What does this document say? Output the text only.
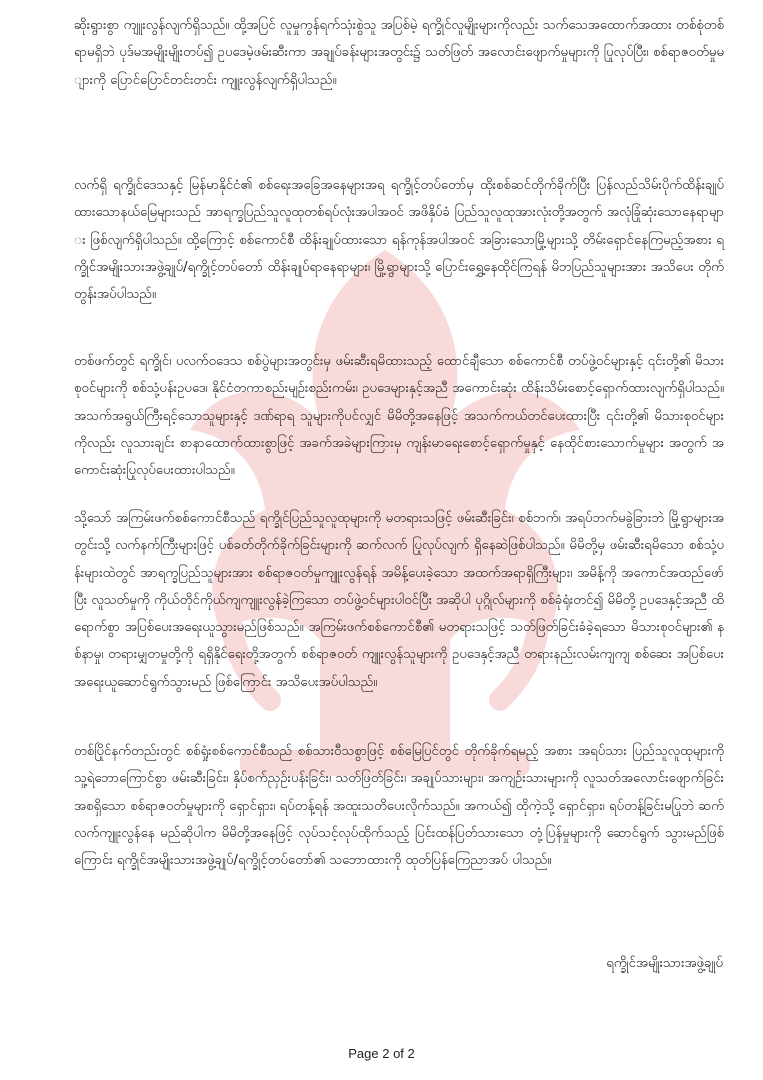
ဆိုးရွားစွာ ကျူးလွန်လျက်ရှိသည်။ ထို့အပြင် လူမှုကွန်ရက်သုံးစွဲသူ အပြစ်မဲ့ ရက္ခိုင်လူမျိုးများကိုလည်း သက်သေအထောက်အထား တစ်စုံတစ်ရာမရှိဘဲ ပုဒ်မအမျိုးမျိုးတပ်၍ ဥပဒေမဲ့ဖမ်းဆီးကာ အချုပ်ခန်းများအတွင်း၌ သတ်ဖြတ် အလောင်းဖျောက်မှုများကို ပြုလုပ်ပြီး၊ စစ်ရာဇဝတ်မှုများကို ပြောင်ပြောင်တင်းတင်း ကျူးလွန်လျက်ရှိပါသည်။

လက်ရှိ ရက္ခိုင်ဒေသနှင့် မြန်မာနိုင်ငံ၏ စစ်ရေးအခြေအနေများအရ ရက္ခိုင့်တပ်တော်မှ ထိုးစစ်ဆင်တိုက်ခိုက်ပြီး ပြန်လည်သိမ်းပိုက်ထိန်းချုပ်ထားသောနယ်မြေများသည် အာရက္ခပြည်သူလူထုတစ်ရပ်လုံးအပါအဝင် အဖိနှိပ်ခံ ပြည်သူလူထုအားလုံးတို့အတွက် အလုံခြုံဆုံးသောနေရာများ ဖြစ်လျက်ရှိပါသည်။ ထို့ကြောင့် စစ်ကောင်စီ ထိန်းချုပ်ထားသော ရန်ကုန်အပါအဝင် အခြားသောမြို့များသို့ တိမ်းရှောင်နေကြမည့်အစား ရက္ခိုင်အမျိုးသားအဖွဲ့ချုပ်/ရက္ခိုင့်တပ်တော် ထိန်းချုပ်ရာနေရာများ၊ မြို့ရွာများသို့ ပြောင်းရွှေ့နေထိုင်ကြရန် မိဘပြည်သူများအား အသိပေး တိုက်တွန်းအပ်ပါသည်။

တစ်ဖက်တွင် ရက္ခိုင်၊ ပလက်ဝဒေသ စစ်ပွဲများအတွင်းမှ ဖမ်းဆီးရမိထားသည့် ထောင်ချီသော စစ်ကောင်စီ တပ်ဖွဲ့ဝင်များနှင့် ၎င်းတို့၏ မိသားစုဝင်များကို စစ်သုံ့ပန်းဥပဒေ၊ နိုင်ငံတကာစည်းမျဉ်းစည်းကမ်း၊ ဥပဒေများနှင့်အညီ အကောင်းဆုံး ထိန်းသိမ်းစောင့်ရှောက်ထားလျက်ရှိပါသည်။ အသက်အရွယ်ကြီးရင့်သောသူများနှင့် ဒဏ်ရာရ သူများကိုပင်လျှင် မိမိတို့အနေဖြင့် အသက်ကယ်တင်ပေးထားပြီး ၎င်းတို့၏ မိသားစုဝင်များကိုလည်း လူသားချင်း စာနာထောက်ထားစွာဖြင့် အခက်အခဲများကြားမှ ကျန်းမာရေးစောင့်ရှောက်မှုနှင့် နေထိုင်စားသောက်မှုများ အတွက် အကောင်းဆုံးပြုလုပ်ပေးထားပါသည်။

သို့သော် အကြမ်းဖက်စစ်ကောင်စီသည် ရက္ခိုင်ပြည်သူလူထုများကို မတရားသဖြင့် ဖမ်းဆီးခြင်း၊ စစ်ဘက်၊ အရပ်ဘက်မခွဲခြားဘဲ မြို့ရွာများအတွင်းသို့ လက်နက်ကြီးများဖြင့် ပစ်ခတ်တိုက်ခိုက်ခြင်းများကို ဆက်လက် ပြုလုပ်လျက် ရှိနေဆဲဖြစ်ပါသည်။ မိမိတို့မှ ဖမ်းဆီးရမိသော စစ်သုံ့ပန်းများထဲတွင် အာရက္ခပြည်သူများအား စစ်ရာဇဝတ်မှုကျူးလွန်ရန် အမိန့်ပေးခဲ့သော အထက်အရာရှိကြီးများ၊ အမိန့်ကို အကောင်အထည်ဖော်ပြီး လူသတ်မှုကို ကိုယ်တိုင်ကိုယ်ကျကျူးလွန်ခဲ့ကြသော တပ်ဖွဲ့ဝင်များပါဝင်ပြီး အဆိုပါ ပုဂ္ဂိုလ်များကို စစ်ခုံရုံးတင်၍ မိမိတို့ ဥပဒေနှင့်အညီ ထိရောက်စွာ အပြစ်ပေးအရေးယူသွားမည်ဖြစ်သည်။ အကြမ်းဖက်စစ်ကောင်စီ၏ မတရားသဖြင့် သတ်ဖြတ်ခြင်းခံခဲ့ရသော မိသားစုဝင်များ၏ နစ်နာမှု၊ တရားမျှတမှုတို့ကို ရရှိနိုင်ရေးတို့အတွက် စစ်ရာဇဝတ် ကျူးလွန်သူများကို ဥပဒေနှင့်အညီ တရားနည်းလမ်းကျကျ စစ်ဆေး အပြစ်ပေး အရေးယူဆောင်ရွက်သွားမည် ဖြစ်ကြောင်း အသိပေးအပ်ပါသည်။

တစ်ပြိုင်နက်တည်းတွင် စစ်ရှုံးစစ်ကောင်စီသည် စစ်သားဝီသစွာဖြင့် စစ်မြေပြင်တွင် တိုက်ခိုက်ရမည့် အစား အရပ်သား ပြည်သူလူထုများကို သူ့ရဲဘောကြောင်စွာ ဖမ်းဆီးခြင်း၊ နှိပ်စက်ညှဉ်းပန်းခြင်း၊ သတ်ဖြတ်ခြင်း၊ အချုပ်သားများ၊ အကျဉ်းသားများကို လူသတ်အလောင်းဖျောက်ခြင်း အစရှိသော စစ်ရာဇဝတ်မှုများကို ရှောင်ရှား၊ ရပ်တန့်ရန် အထူးသတိပေးလိုက်သည်။ အကယ်၍ ထိုကဲ့သို့ ရှောင်ရှား၊ ရပ်တန့်ခြင်းမပြုဘဲ ဆက်လက်ကျူးလွန်နေ မည်ဆိုပါက မိမိတို့အနေဖြင့် လုပ်သင့်လုပ်ထိုက်သည့် ပြင်းထန်ပြတ်သားသော တုံ့ပြန်မှုများကို ဆောင်ရွက် သွားမည်ဖြစ်ကြောင်း ရက္ခိုင်အမျိုးသားအဖွဲ့ချုပ်/ရက္ခိုင့်တပ်တော်၏ သဘောထားကို ထုတ်ပြန်ကြေညာအပ် ပါသည်။

ရက္ခိုင်အမျိုးသားအဖွဲ့ချုပ်

Page 2 of 2
